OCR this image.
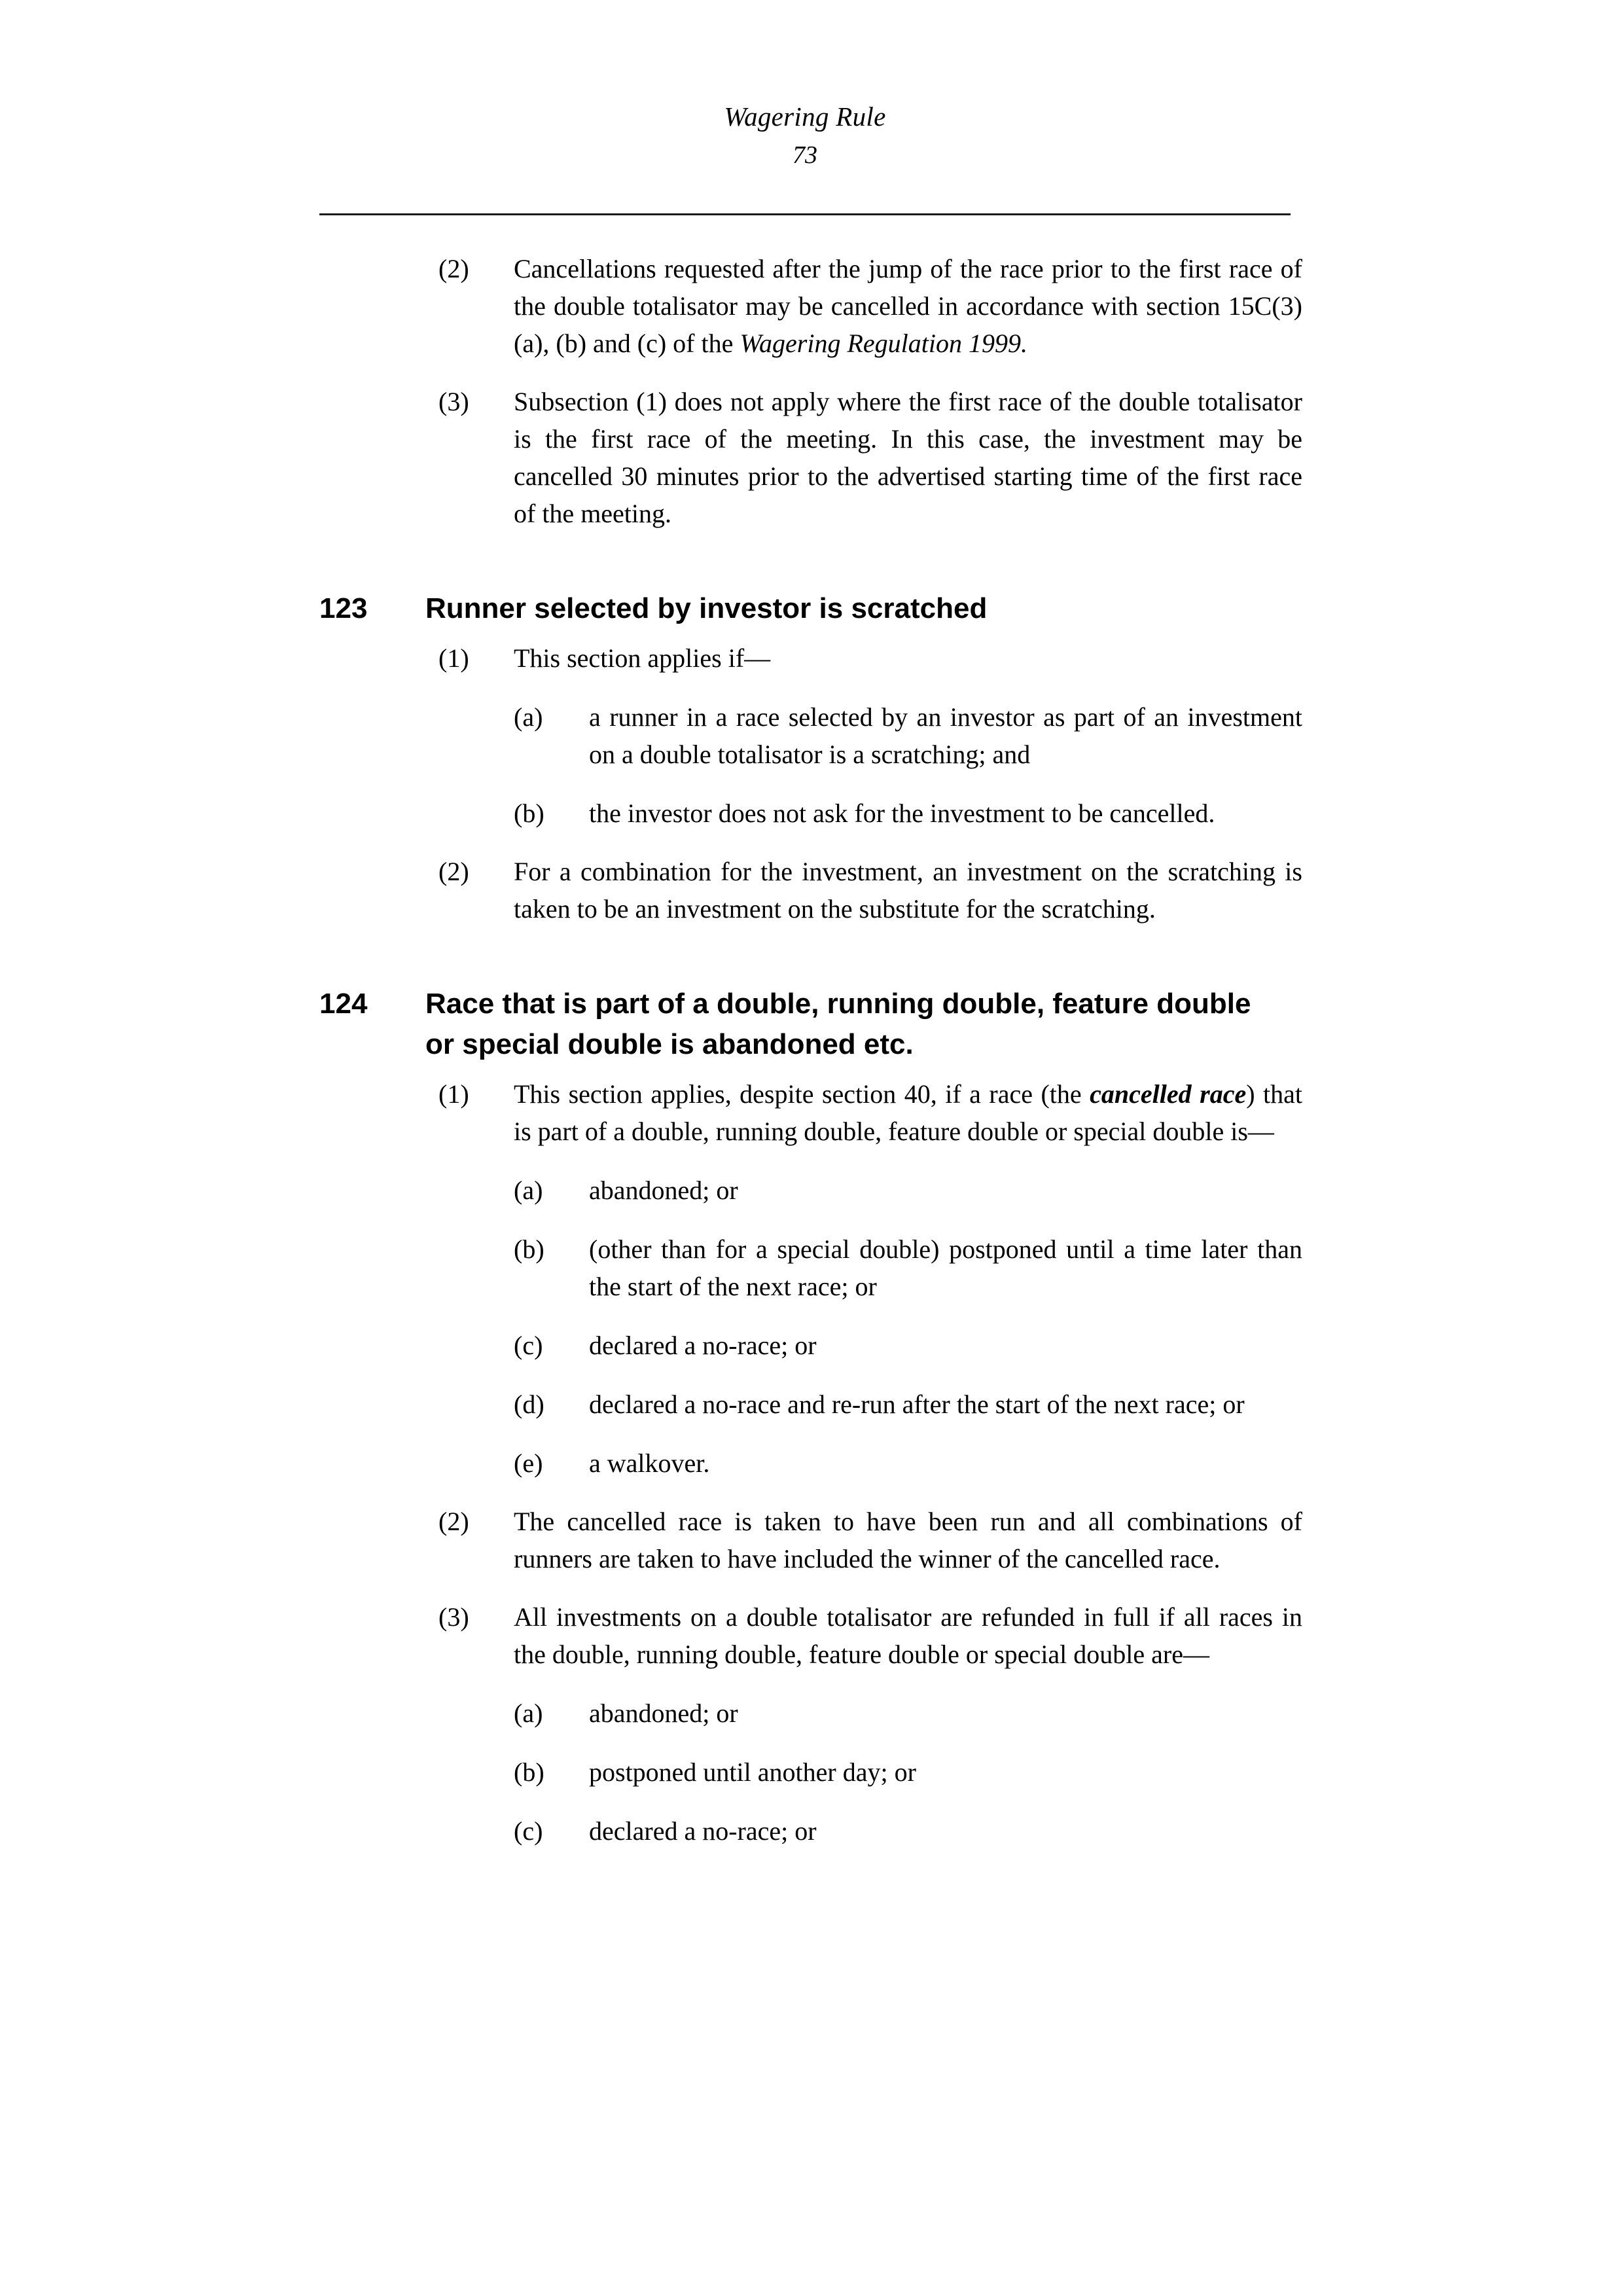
Wagering Rule
73
(2) Cancellations requested after the jump of the race prior to the first race of the double totalisator may be cancelled in accordance with section 15C(3)(a), (b) and (c) of the Wagering Regulation 1999.
(3) Subsection (1) does not apply where the first race of the double totalisator is the first race of the meeting. In this case, the investment may be cancelled 30 minutes prior to the advertised starting time of the first race of the meeting.
123 Runner selected by investor is scratched
(1) This section applies if—
(a) a runner in a race selected by an investor as part of an investment on a double totalisator is a scratching; and
(b) the investor does not ask for the investment to be cancelled.
(2) For a combination for the investment, an investment on the scratching is taken to be an investment on the substitute for the scratching.
124 Race that is part of a double, running double, feature double or special double is abandoned etc.
(1) This section applies, despite section 40, if a race (the cancelled race) that is part of a double, running double, feature double or special double is—
(a) abandoned; or
(b) (other than for a special double) postponed until a time later than the start of the next race; or
(c) declared a no-race; or
(d) declared a no-race and re-run after the start of the next race; or
(e) a walkover.
(2) The cancelled race is taken to have been run and all combinations of runners are taken to have included the winner of the cancelled race.
(3) All investments on a double totalisator are refunded in full if all races in the double, running double, feature double or special double are—
(a) abandoned; or
(b) postponed until another day; or
(c) declared a no-race; or
